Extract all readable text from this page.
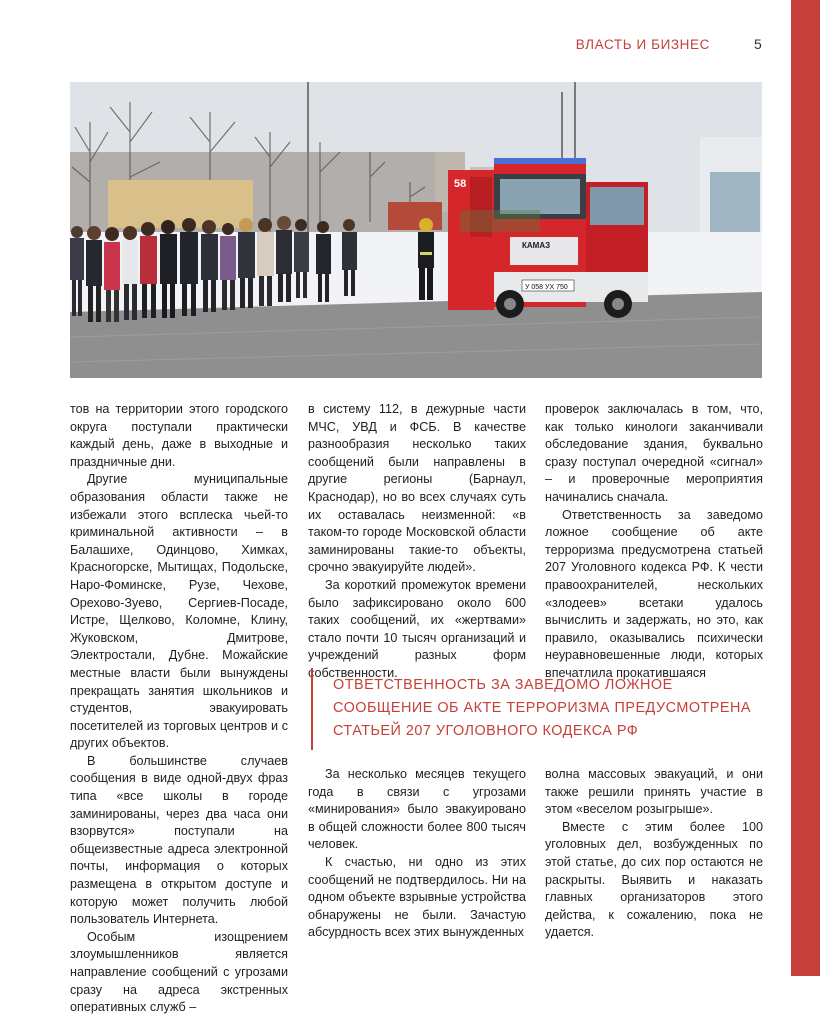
ВЛАСТЬ И БИЗНЕС	5
58
КАМАЗ
У 058 УХ 750

тов на территории этого городского округа поступали практически каждый день, даже в выходные и праздничные дни.

Другие муниципальные образования области также не избежали этого всплеска чьей-то криминальной активности – в Балашихе, Одинцово, Химках, Красногорске, Мытищах, Подольске, Наро-Фоминске, Рузе, Чехове, Орехово-Зуево, Сергиев-Посаде, Истре, Щелково, Коломне, Клину, Жуковском, Дмитрове, Электростали, Дубне. Можайские местные власти были вынуждены прекращать занятия школьников и студентов, эвакуировать посетителей из торговых центров и с других объектов.

В большинстве случаев сообщения в виде одной-двух фраз типа «все школы в городе заминированы, через два часа они взорвутся» поступали на общеизвестные адреса электронной почты, информация о которых размещена в открытом доступе и которую может получить любой пользователь Интернета.

Особым изощрением злоумышленников является направление сообщений с угрозами сразу на адреса экстренных оперативных служб –

в систему 112, в дежурные части МЧС, УВД и ФСБ. В качестве разнообразия несколько таких сообщений были направлены в другие регионы (Барнаул, Краснодар), но во всех случаях суть их оставалась неизменной: «в таком-то городе Московской области заминированы такие-то объекты, срочно эвакуируйте людей».

За короткий промежуток времени было зафиксировано около 600 таких сообщений, их «жертвами» стало почти 10 тысяч организаций и учреждений разных форм собственности.

проверок заключалась в том, что, как только кинологи заканчивали обследование здания, буквально сразу поступал очередной «сигнал» – и проверочные мероприятия начинались сначала.

Ответственность за заведомо ложное сообщение об акте терроризма предусмотрена статьей 207 Уголовного кодекса РФ. К чести правоохранителей, нескольких «злодеев» всетаки удалось вычислить и задержать, но это, как правило, оказывались психически неуравновешенные люди, которых впечатлила прокатившаяся

ОТВЕТСТВЕННОСТЬ ЗА ЗАВЕДОМО ЛОЖНОЕ СООБЩЕНИЕ ОБ АКТЕ ТЕРРОРИЗМА ПРЕДУСМОТРЕНА СТАТЬЕЙ 207 УГОЛОВНОГО КОДЕКСА РФ

За несколько месяцев текущего года в связи с угрозами «минирования» было эвакуировано в общей сложности более 800 тысяч человек.

К счастью, ни одно из этих сообщений не подтвердилось. Ни на одном объекте взрывные устройства обнаружены не были. Зачастую абсурдность всех этих вынужденных

волна массовых эвакуаций, и они также решили принять участие в этом «веселом розыгрыше».

Вместе с этим более 100 уголовных дел, возбужденных по этой статье, до сих пор остаются не раскрыты. Выявить и наказать главных организаторов этого действа, к сожалению, пока не удается.
